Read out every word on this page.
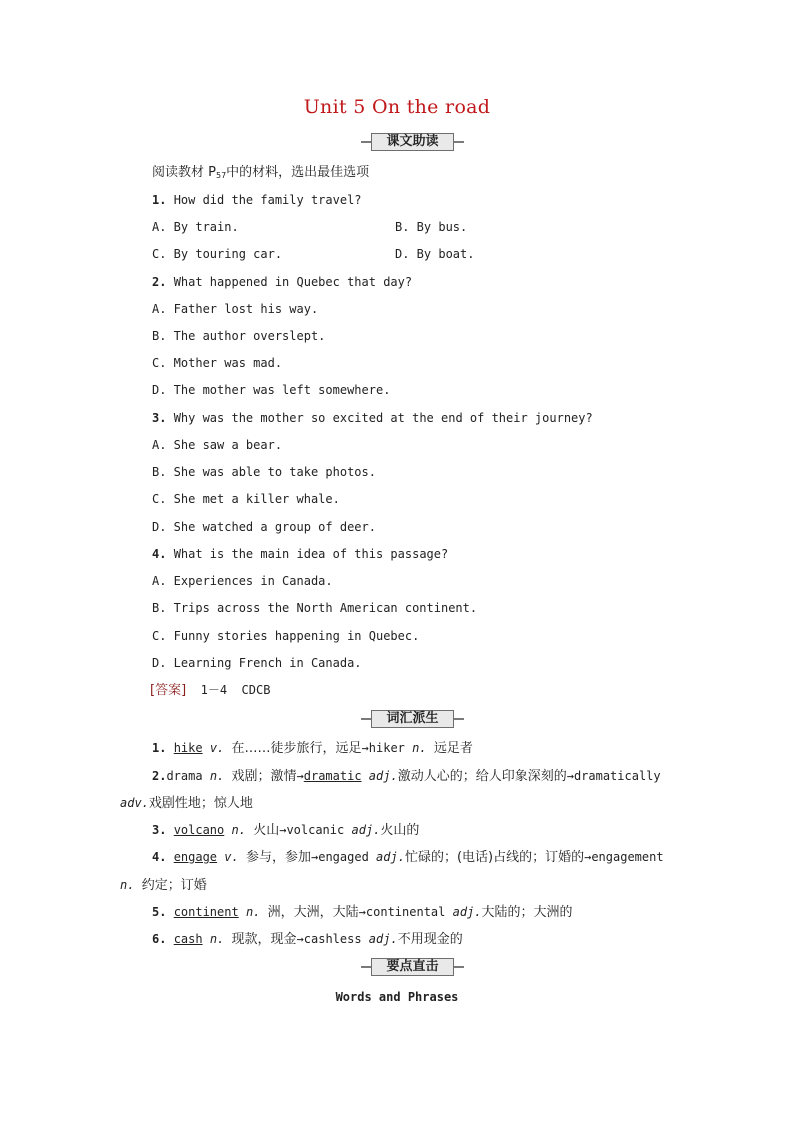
Unit 5 On the road
课文助读
阅读教材 $P_{57}$中的材料，选出最佳选项
1. How did the family travel?
A. By train.	B. By bus.
C. By touring car.	D. By boat.
2. What happened in Quebec that day?
A. Father lost his way.
B. The author overslept.
C. Mother was mad.
D. The mother was left somewhere.
3. Why was the mother so excited at the end of their journey?
A. She saw a bear.
B. She was able to take photos.
C. She met a killer whale.
D. She watched a group of deer.
4. What is the main idea of this passage?
A. Experiences in Canada.
B. Trips across the North American continent.
C. Funny stories happening in Quebec.
D. Learning French in Canada.
[答案] 1－4 CDCB
词汇派生
1. hike v. 在……徒步旅行，远足→hiker n. 远足者
2.drama n. 戏剧；激情→dramatic adj.激动人心的；给人印象深刻的→dramatically
adv.戏剧性地；惊人地
3. volcano n. 火山→volcanic adj.火山的
4. engage v. 参与，参加→engaged adj.忙碌的；(电话)占线的；订婚的→engagement
n. 约定；订婚
5. continent n. 洲，大洲，大陆→continental adj.大陆的；大洲的
6. cash n. 现款，现金→cashless adj.不用现金的
要点直击
Words and Phrases
